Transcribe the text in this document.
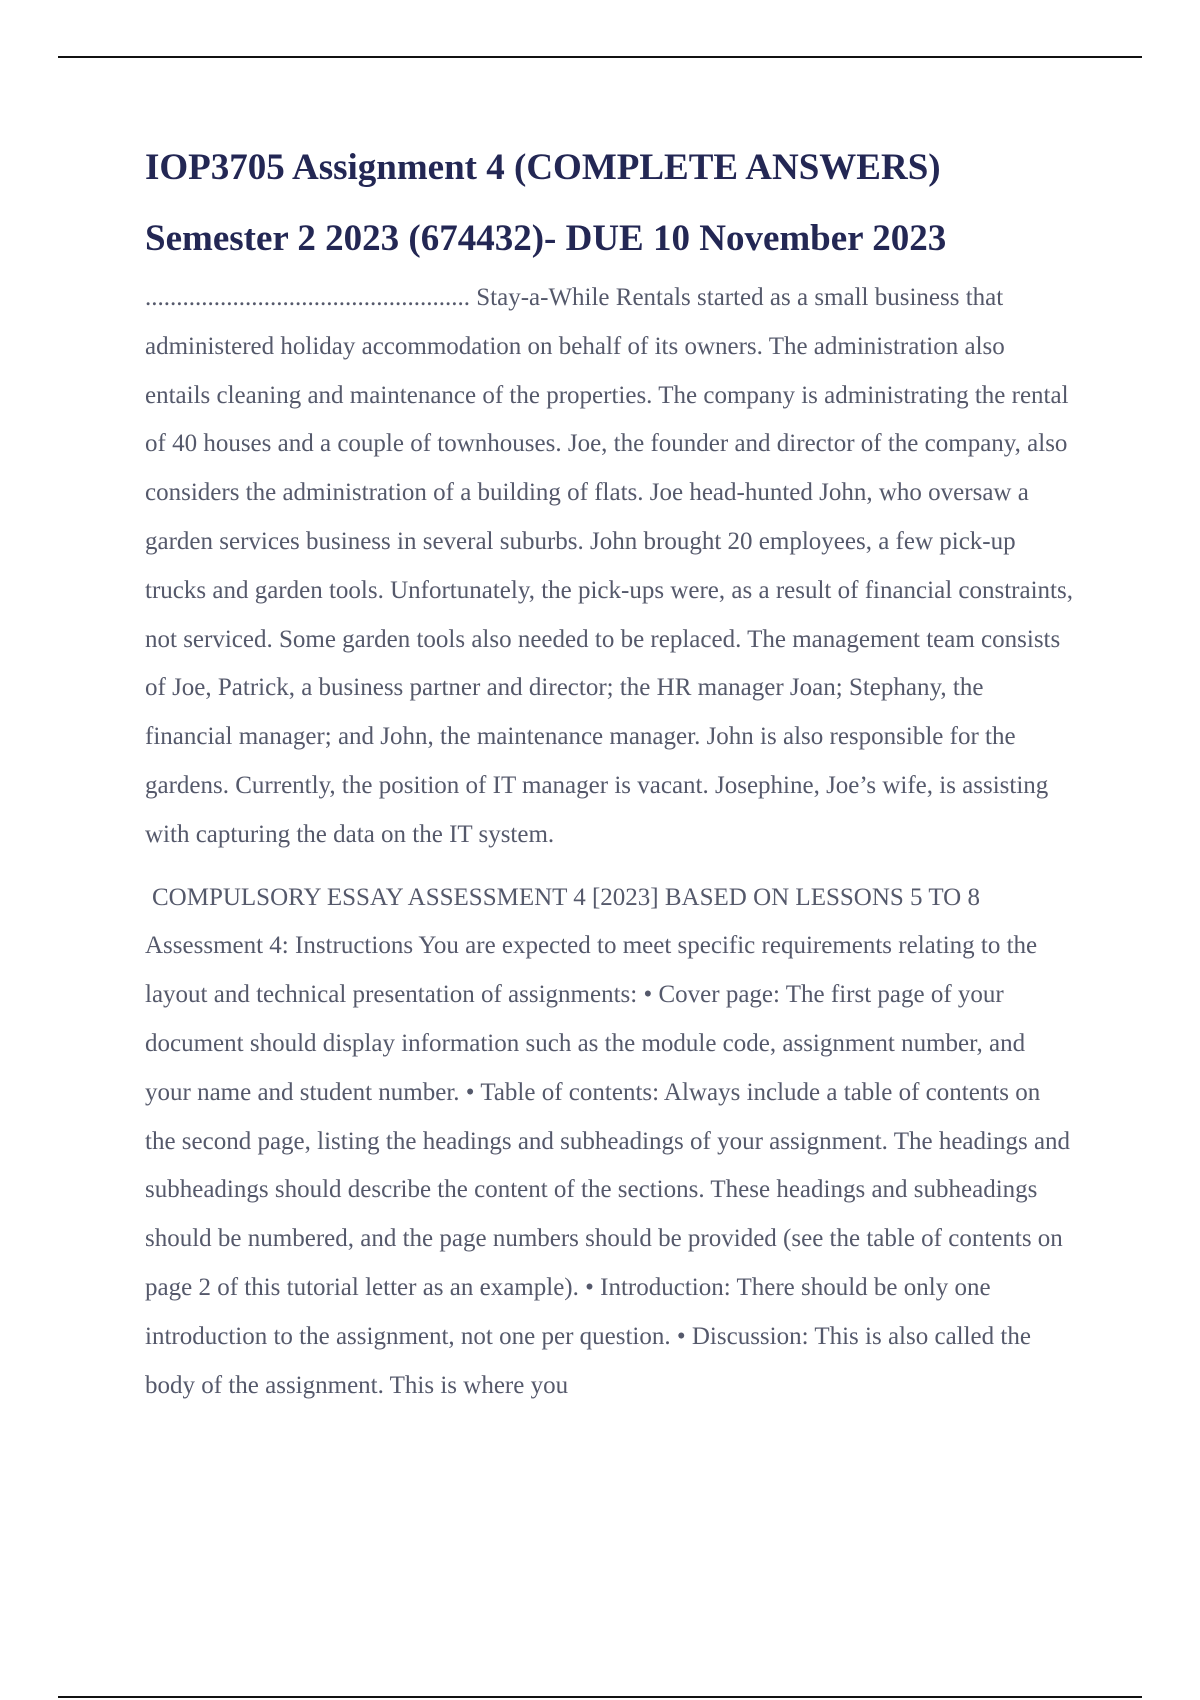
IOP3705 Assignment 4 (COMPLETE ANSWERS)
Semester 2 2023 (674432)- DUE 10 November 2023

.................................................... Stay-a-While Rentals started as a small business that administered holiday accommodation on behalf of its owners. The administration also entails cleaning and maintenance of the properties. The company is administrating the rental of 40 houses and a couple of townhouses. Joe, the founder and director of the company, also considers the administration of a building of flats. Joe head-hunted John, who oversaw a garden services business in several suburbs. John brought 20 employees, a few pick-up trucks and garden tools. Unfortunately, the pick-ups were, as a result of financial constraints, not serviced. Some garden tools also needed to be replaced. The management team consists of Joe, Patrick, a business partner and director; the HR manager Joan; Stephany, the financial manager; and John, the maintenance manager. John is also responsible for the gardens. Currently, the position of IT manager is vacant. Josephine, Joe’s wife, is assisting with capturing the data on the IT system.

COMPULSORY ESSAY ASSESSMENT 4 [2023] BASED ON LESSONS 5 TO 8 Assessment 4: Instructions You are expected to meet specific requirements relating to the layout and technical presentation of assignments: • Cover page: The first page of your document should display information such as the module code, assignment number, and your name and student number. • Table of contents: Always include a table of contents on the second page, listing the headings and subheadings of your assignment. The headings and subheadings should describe the content of the sections. These headings and subheadings should be numbered, and the page numbers should be provided (see the table of contents on page 2 of this tutorial letter as an example). • Introduction: There should be only one introduction to the assignment, not one per question. • Discussion: This is also called the body of the assignment. This is where you
